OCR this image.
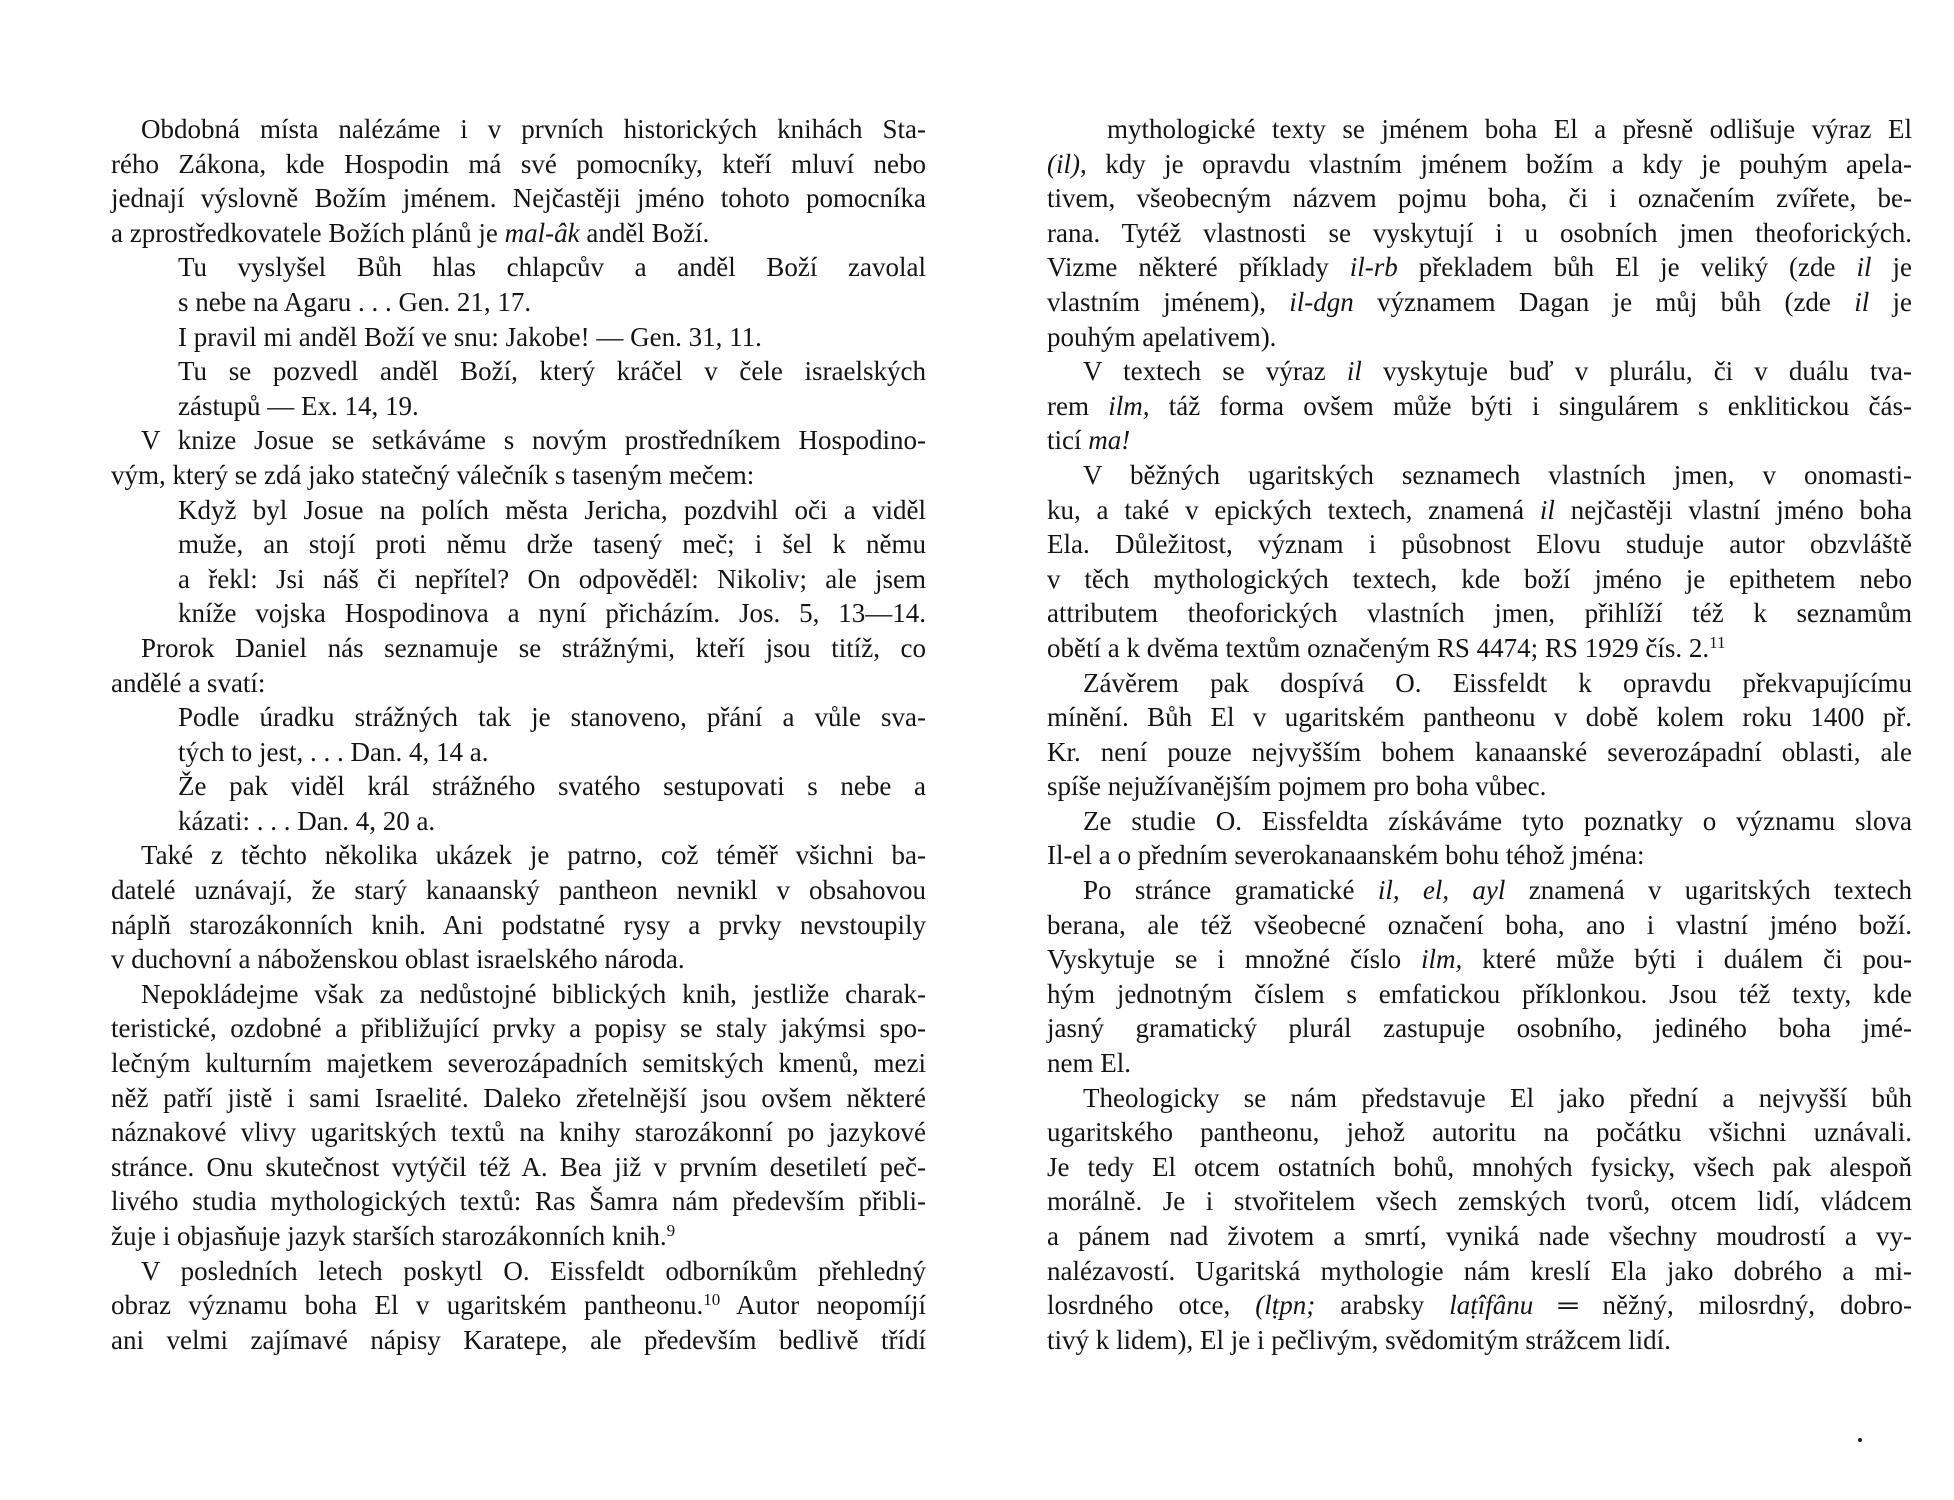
Obdobná místa nalézáme i v prvních historických knihách Sta-
rého Zákona, kde Hospodin má své pomocníky, kteří mluví nebo
jednají výslovně Božím jménem. Nejčastěji jméno tohoto pomocníka
a zprostředkovatele Božích plánů je mal-âk anděl Boží.
Tu vyslyšel Bůh hlas chlapcův a anděl Boží zavolal
s nebe na Agaru . . . Gen. 21, 17.
I pravil mi anděl Boží ve snu: Jakobe! — Gen. 31, 11.
Tu se pozvedl anděl Boží, který kráčel v čele israelských
zástupů — Ex. 14, 19.
V knize Josue se setkáváme s novým prostředníkem Hospodino-
vým, který se zdá jako statečný válečník s taseným mečem:
Když byl Josue na polích města Jericha, pozdvihl oči a viděl
muže, an stojí proti němu drže tasený meč; i šel k němu
a řekl: Jsi náš či nepřítel? On odpověděl: Nikoliv; ale jsem
kníže vojska Hospodinova a nyní přicházím. Jos. 5, 13—14.
Prorok Daniel nás seznamuje se strážnými, kteří jsou titíž, co
andělé a svatí:
Podle úradku strážných tak je stanoveno, přání a vůle sva-
tých to jest, . . . Dan. 4, 14 a.
Že pak viděl král strážného svatého sestupovati s nebe a
kázati: . . . Dan. 4, 20 a.
Také z těchto několika ukázek je patrno, což téměř všichni ba-
datelé uznávají, že starý kanaanský pantheon nevnikl v obsahovou
náplň starozákonních knih. Ani podstatné rysy a prvky nevstoupily
v duchovní a náboženskou oblast israelského národa.
Nepokládejme však za nedůstojné biblických knih, jestliže charak-
teristické, ozdobné a přibližující prvky a popisy se staly jakýmsi spo-
lečným kulturním majetkem severozápadních semitských kmenů, mezi
něž patří jistě i sami Israelité. Daleko zřetelnější jsou ovšem některé
náznakové vlivy ugaritských textů na knihy starozákonní po jazykové
stránce. Onu skutečnost vytýčil též A. Bea již v prvním desetiletí peč-
livého studia mythologických textů: Ras Šamra nám především přibli-
žuje i objasňuje jazyk starších starozákonních knih.$^9$
V posledních letech poskytl O. Eissfeldt odborníkům přehledný
obraz významu boha El v ugaritském pantheonu.$^{10}$ Autor neopomíjí
ani velmi zajímavé nápisy Karatepe, ale především bedlivě třídí
mythologické texty se jménem boha El a přesně odlišuje výraz El
(il), kdy je opravdu vlastním jménem božím a kdy je pouhým apela-
tivem, všeobecným názvem pojmu boha, či i označením zvířete, be-
rana. Tytéž vlastnosti se vyskytují i u osobních jmen theoforických.
Vizme některé příklady il-rb překladem bůh El je veliký (zde il je
vlastním jménem), il-dgn významem Dagan je můj bůh (zde il je
pouhým apelativem).
V textech se výraz il vyskytuje buď v plurálu, či v duálu tva-
rem ilm, táž forma ovšem může býti i singulárem s enklitickou čás-
ticí ma!
V běžných ugaritských seznamech vlastních jmen, v onomasti-
ku, a také v epických textech, znamená il nejčastěji vlastní jméno boha
Ela. Důležitost, význam i působnost Elovu studuje autor obzvláště
v těch mythologických textech, kde boží jméno je epithetem nebo
attributem theoforických vlastních jmen, přihlíží též k seznamům
obětí a k dvěma textům označeným RS 4474; RS 1929 čís. 2.11
Závěrem pak dospívá O. Eissfeldt k opravdu překvapujícímu
mínění. Bůh El v ugaritském pantheonu v době kolem roku 1400 př.
Kr. není pouze nejvyšším bohem kanaanské severozápadní oblasti, ale
spíše nejužívanějším pojmem pro boha vůbec.
Ze studie O. Eissfeldta získáváme tyto poznatky o významu slova
Il-el a o předním severokanaanském bohu téhož jména:
Po stránce gramatické il, el, ayl znamená v ugaritských textech
berana, ale též všeobecné označení boha, ano i vlastní jméno boží.
Vyskytuje se i množné číslo ilm, které může býti i duálem či pou-
hým jednotným číslem s emfatickou příklonkou. Jsou též texty, kde
jasný gramatický plurál zastupuje osobního, jediného boha jmé-
nem El.
Theologicky se nám představuje El jako přední a nejvyšší bůh
ugaritského pantheonu, jehož autoritu na počátku všichni uznávali.
Je tedy El otcem ostatních bohů, mnohých fysicky, všech pak alespoň
morálně. Je i stvořitelem všech zemských tvorů, otcem lidí, vládcem
a pánem nad životem a smrtí, vyniká nade všechny moudrostí a vy-
nalézavostí. Ugaritská mythologie nám kreslí Ela jako dobrého a mi-
losrdného otce, (lṭpn; arabsky laṭîfânu ═ něžný, milosrdný, dobro-
tivý k lidem), El je i pečlivým, svědomitým strážcem lidí.
